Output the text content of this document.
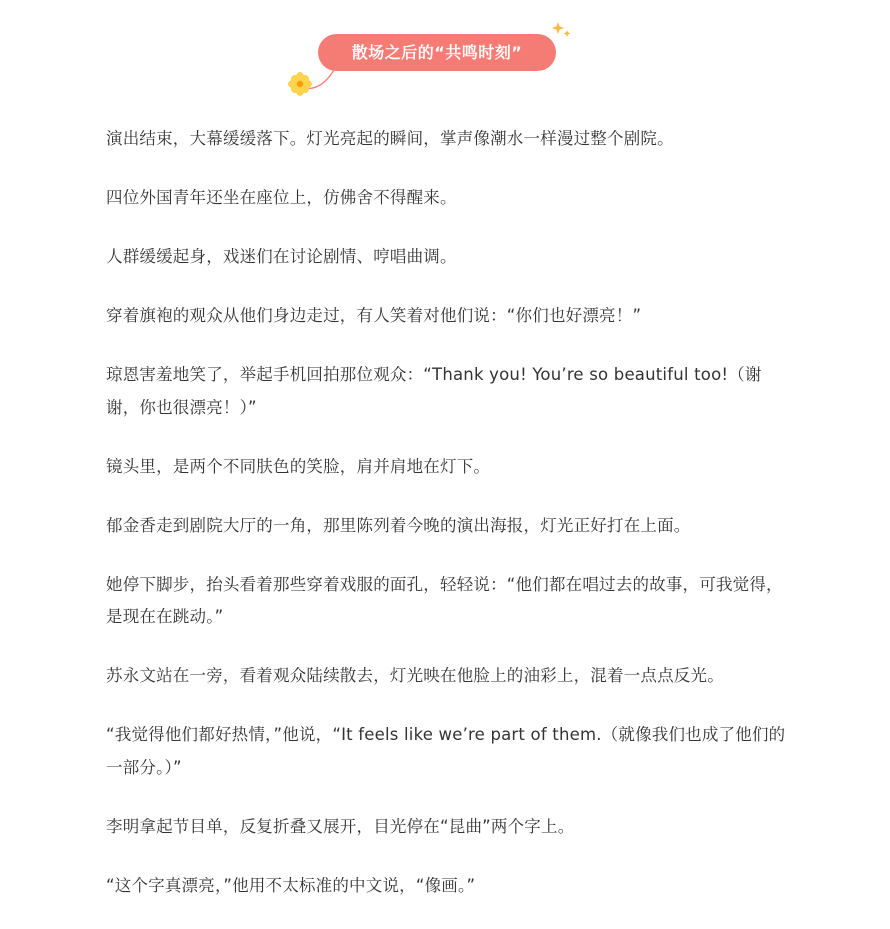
散场之后的“共鸣时刻”

演出结束，大幕缓缓落下。灯光亮起的瞬间，掌声像潮水一样漫过整个剧院。

四位外国青年还坐在座位上，仿佛舍不得醒来。

人群缓缓起身，戏迷们在讨论剧情、哼唱曲调。

穿着旗袍的观众从他们身边走过，有人笑着对他们说：“你们也好漂亮！”

琼恩害羞地笑了，举起手机回拍那位观众：“Thank you! You’re so beautiful too!（谢谢，你也很漂亮！）”

镜头里，是两个不同肤色的笑脸，肩并肩地在灯下。

郁金香走到剧院大厅的一角，那里陈列着今晚的演出海报，灯光正好打在上面。

她停下脚步，抬头看着那些穿着戏服的面孔，轻轻说：“他们都在唱过去的故事，可我觉得，是现在在跳动。”

苏永文站在一旁，看着观众陆续散去，灯光映在他脸上的油彩上，混着一点点反光。

“我觉得他们都好热情，”他说，“It feels like we’re part of them.（就像我们也成了他们的一部分。）”

李明拿起节目单，反复折叠又展开，目光停在“昆曲”两个字上。

“这个字真漂亮，”他用不太标准的中文说，“像画。”
